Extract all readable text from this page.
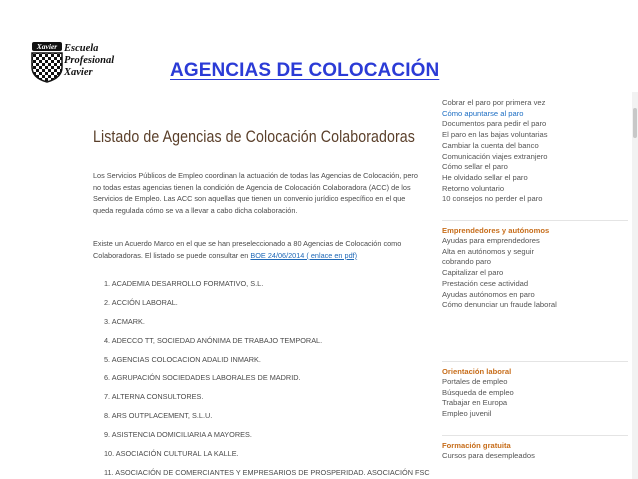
Xavier Escuela
Profesional
Xavier	AGENCIAS DE COLOCACIÓN
Listado de Agencias de Colocación Colaboradoras
Los Servicios Públicos de Empleo coordinan la actuación de todas las Agencias de Colocación, pero
no todas estas agencias tienen la condición de Agencia de Colocación Colaboradora (ACC) de los
Servicios de Empleo. Las ACC son aquellas que tienen un convenio jurídico específico en el que
queda regulada cómo se va a llevar a cabo dicha colaboración.
Existe un Acuerdo Marco en el que se han preseleccionado a 80 Agencias de Colocación como
Colaboradoras. El listado se puede consultar en BOE 24/06/2014 ( enlace en pdf)
1. ACADEMIA DESARROLLO FORMATIVO, S.L.
2. ACCIÓN LABORAL.
3. ACMARK.
4. ADECCO TT, SOCIEDAD ANÓNIMA DE TRABAJO TEMPORAL.
5. AGENCIAS COLOCACION ADALID INMARK.
6. AGRUPACIÓN SOCIEDADES LABORALES DE MADRID.
7. ALTERNA CONSULTORES.
8. ARS OUTPLACEMENT, S.L.U.
9. ASISTENCIA DOMICILIARIA A MAYORES.
10. ASOCIACIÓN CULTURAL LA KALLE.
11. ASOCIACIÓN DE COMERCIANTES Y EMPRESARIOS DE PROSPERIDAD. ASOCIACIÓN FSC
Cobrar el paro por primera vez
Cómo apuntarse al paro
Documentos para pedir el paro
El paro en las bajas voluntarias
Cambiar la cuenta del banco
Comunicación viajes extranjero
Cómo sellar el paro
He olvidado sellar el paro
Retorno voluntario
10 consejos no perder el paro
Emprendedores y autónomos
Ayudas para emprendedores
Alta en autónomos y seguir
cobrando paro
Capitalizar el paro
Prestación cese actividad
Ayudas autónomos en paro
Cómo denunciar un fraude laboral
Orientación laboral
Portales de empleo
Búsqueda de empleo
Trabajar en Europa
Empleo juvenil
Formación gratuita
Cursos para desempleados
